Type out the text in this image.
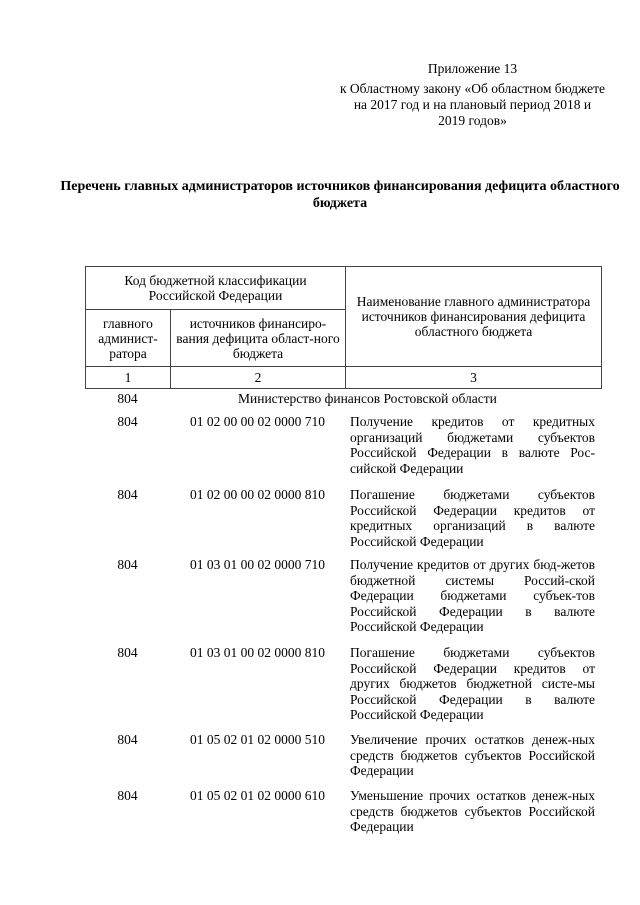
Приложение 13
к Областному закону «Об областном бюджете на 2017 год и на плановый период 2018 и 2019 годов»
Перечень главных администраторов источников финансирования дефицита областного бюджета
Код бюджетной классификации Российской Федерации		Наименование главного администратора источников финансирования дефицита областного бюджета
главного админист-ратора	источников финансиро-вания дефицита област-ного бюджета	
1	2	3
804	Министерство финансов Ростовской области
804	01 02 00 00 02 0000 710	Получение кредитов от кредитных организаций бюджетами субъектов Российской Федерации в валюте Рос-сийской Федерации
804	01 02 00 00 02 0000 810	Погашение бюджетами субъектов Российской Федерации кредитов от кредитных организаций в валюте Российской Федерации
804	01 03 01 00 02 0000 710	Получение кредитов от других бюд-жетов бюджетной системы Россий-ской Федерации бюджетами субъек-тов Российской Федерации в валюте Российской Федерации
804	01 03 01 00 02 0000 810	Погашение бюджетами субъектов Российской Федерации кредитов от других бюджетов бюджетной систе-мы Российской Федерации в валюте Российской Федерации
804	01 05 02 01 02 0000 510	Увеличение прочих остатков денеж-ных средств бюджетов субъектов Российской Федерации
804	01 05 02 01 02 0000 610	Уменьшение прочих остатков денеж-ных средств бюджетов субъектов Российской Федерации
